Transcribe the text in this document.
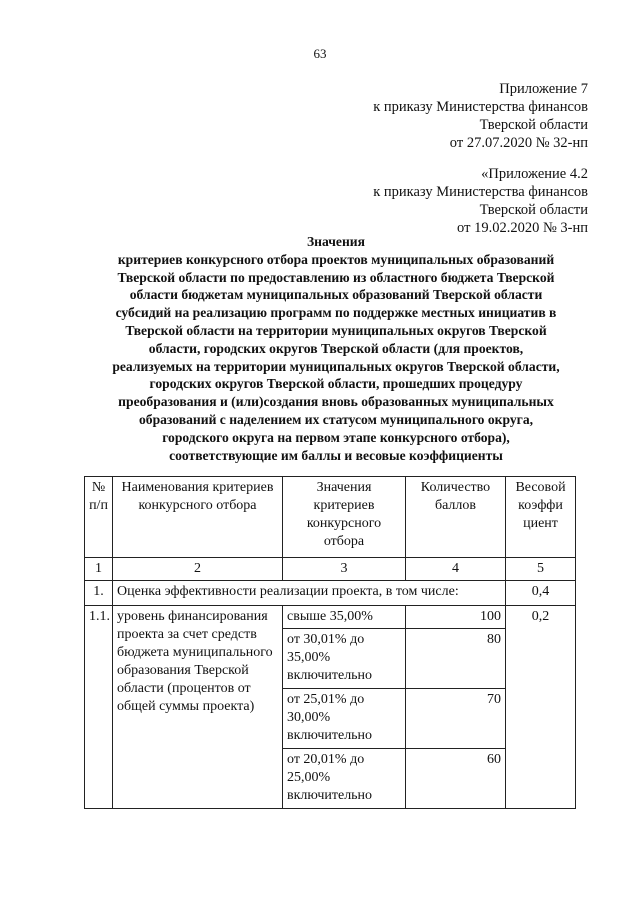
63
Приложение 7
к приказу Министерства финансов
Тверской области
от 27.07.2020 № 32-нп
«Приложение 4.2
к приказу Министерства финансов
Тверской области
от 19.02.2020 № 3-нп
Значения
критериев конкурсного отбора проектов муниципальных образований
Тверской области по предоставлению из областного бюджета Тверской
области бюджетам муниципальных образований Тверской области
субсидий на реализацию программ по поддержке местных инициатив в
Тверской области на территории муниципальных округов Тверской
области, городских округов Тверской области (для проектов,
реализуемых на территории муниципальных округов Тверской области,
городских округов Тверской области, прошедших процедуру
преобразования и (или)создания вновь образованных муниципальных
образований с наделением их статусом муниципального округа,
городского округа на первом этапе конкурсного отбора),
соответствующие им баллы и весовые коэффициенты
№ п/п	Наименования критериев конкурсного отбора	Значения критериев конкурсного отбора	Количество баллов	Весовой коэффи циент
1	2	3	4	5
1.	Оценка эффективности реализации проекта, в том числе:			0,4
1.1.	уровень финансирования проекта за счет средств бюджета муниципального образования Тверской области (процентов от общей суммы проекта)	свыше 35,00%	100	0,2
		от 30,01% до 35,00% включительно	80	
		от 25,01% до 30,00% включительно	70	
		от 20,01% до 25,00% включительно	60	
